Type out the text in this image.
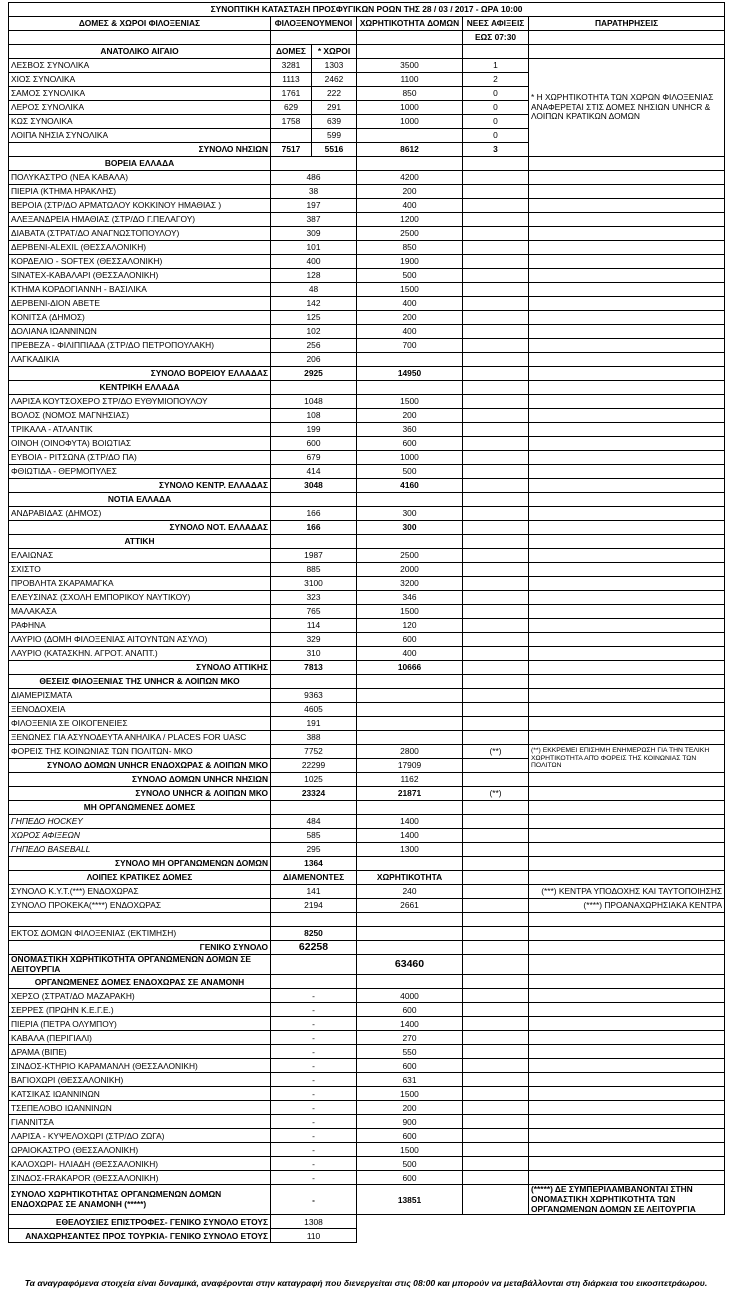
ΣΥΝΟΠΤΙΚΗ ΚΑΤΑΣΤΑΣΗ ΠΡΟΣΦΥΓΙΚΩΝ ΡΟΩΝ ΤΗΣ 28 / 03 / 2017 - ΩΡΑ 10:00					
ΔΟΜΕΣ & ΧΩΡΟΙ ΦΙΛΟΞΕΝΙΑΣ	ΦΙΛΟΞΕΝΟΥΜΕΝΟΙ		ΧΩΡΗΤΙΚΟΤΗΤΑ ΔΟΜΩΝ	ΝΕΕΣ ΑΦΙΞΕΙΣ	ΠΑΡΑΤΗΡΗΣΕΙΣ
				ΕΩΣ 07:30	
ΑΝΑΤΟΛΙΚΟ ΑΙΓΑΙΟ	ΔΟΜΕΣ	* ΧΩΡΟΙ			
ΛΕΣΒΟΣ ΣΥΝΟΛΙΚΑ	3281	1303	3500	1	* Η ΧΩΡΗΤΙΚΟΤΗΤΑ ΤΩΝ ΧΩΡΩΝ ΦΙΛΟΞΕΝΙΑΣ ΑΝΑΦΕΡΕΤΑΙ ΣΤΙΣ ΔΟΜΕΣ ΝΗΣΙΩΝ UNHCR & ΛΟΙΠΩΝ ΚΡΑΤΙΚΩΝ ΔΟΜΩΝ
ΧΙΟΣ ΣΥΝΟΛΙΚΑ	1113	2462	1100	2	
ΣΑΜΟΣ ΣΥΝΟΛΙΚΑ	1761	222	850	0	
ΛΕΡΟΣ ΣΥΝΟΛΙΚΑ	629	291	1000	0	
ΚΩΣ ΣΥΝΟΛΙΚΑ	1758	639	1000	0	
ΛΟΙΠΑ ΝΗΣΙΑ ΣΥΝΟΛΙΚΑ		599		0	
ΣΥΝΟΛΟ ΝΗΣΙΩΝ	7517	5516	8612	3	
ΒΟΡΕΙΑ ΕΛΛΑΔΑ					
ΠΟΛΥΚΑΣΤΡΟ (ΝΕΑ ΚΑΒΑΛΑ)	486		4200		
ΠΙΕΡΙΑ (ΚΤΗΜΑ ΗΡΑΚΛΗΣ)	38		200		
ΒΕΡΟΙΑ (ΣΤΡ/ΔΟ ΑΡΜΑΤΩΛΟΥ ΚΟΚΚΙΝΟΥ ΗΜΑΘΙΑΣ )	197		400		
ΑΛΕΞΑΝΔΡΕΙΑ ΗΜΑΘΙΑΣ (ΣΤΡ/ΔΟ Γ.ΠΕΛΑΓΟΥ)	387		1200		
ΔΙΑΒΑΤΑ (ΣΤΡΑΤ/ΔΟ ΑΝΑΓΝΩΣΤΟΠΟΥΛΟΥ)	309		2500		
ΔΕΡΒΕΝΙ-ALEXIL (ΘΕΣΣΑΛΟΝΙΚΗ)	101		850		
ΚΟΡΔΕΛΙΟ - SOFTEX (ΘΕΣΣΑΛΟΝΙΚΗ)	400		1900		
SINATEX-ΚΑΒΑΛΑΡΙ (ΘΕΣΣΑΛΟΝΙΚΗ)	128		500		
ΚΤΗΜΑ ΚΟΡΔΟΓΙΑΝΝΗ - ΒΑΣΙΛΙΚΑ	48		1500		
ΔΕΡΒΕΝΙ-ΔΙΟΝ ΑΒΕΤΕ	142		400		
ΚΟΝΙΤΣΑ (ΔΗΜΟΣ)	125		200		
ΔΟΛΙΑΝΑ ΙΩΑΝΝΙΝΩΝ	102		400		
ΠΡΕΒΕΖΑ - ΦΙΛΙΠΠΙΑΔΑ (ΣΤΡ/ΔΟ ΠΕΤΡΟΠΟΥΛΑΚΗ)	256		700		
ΛΑΓΚΑΔΙΚΙΑ	206				
ΣΥΝΟΛΟ ΒΟΡΕΙΟΥ ΕΛΛΑΔΑΣ	2925		14950		
ΚΕΝΤΡΙΚΗ ΕΛΛΑΔΑ					
ΛΑΡΙΣΑ ΚΟΥΤΣΟΧΕΡΟ ΣΤΡ/ΔΟ ΕΥΘΥΜΙΟΠΟΥΛΟΥ	1048		1500		
ΒΟΛΟΣ (ΝΟΜΟΣ ΜΑΓΝΗΣΙΑΣ)	108		200		
ΤΡΙΚΑΛΑ - ΑΤΛΑΝΤΙΚ	199		360		
ΟΙΝΟΗ (ΟΙΝΟΦΥΤΑ) ΒΟΙΩΤΙΑΣ	600		600		
ΕΥΒΟΙΑ - ΡΙΤΣΩΝΑ (ΣΤΡ/ΔΟ ΠΑ)	679		1000		
ΦΘΙΩΤΙΔΑ - ΘΕΡΜΟΠΥΛΕΣ	414		500		
ΣΥΝΟΛΟ ΚΕΝΤΡ. ΕΛΛΑΔΑΣ	3048		4160		
ΝΟΤΙΑ ΕΛΛΑΔΑ					
ΑΝΔΡΑΒΙΔΑΣ (ΔΗΜΟΣ)	166		300		
ΣΥΝΟΛΟ ΝΟΤ. ΕΛΛΑΔΑΣ	166		300		
ΑΤΤΙΚΗ					
ΕΛΑΙΩΝΑΣ	1987		2500		
ΣΧΙΣΤΟ	885		2000		
ΠΡΟΒΛΗΤΑ ΣΚΑΡΑΜΑΓΚΑ	3100		3200		
ΕΛΕΥΣΙΝΑΣ (ΣΧΟΛΗ ΕΜΠΟΡΙΚΟΥ ΝΑΥΤΙΚΟΥ)	323		346		
ΜΑΛΑΚΑΣΑ	765		1500		
ΡΑΦΗΝΑ	114		120		
ΛΑΥΡΙΟ (ΔΟΜΗ ΦΙΛΟΞΕΝΙΑΣ ΑΙΤΟΥΝΤΩΝ ΑΣΥΛΟ)	329		600		
ΛΑΥΡΙΟ (ΚΑΤΑΣΚΗΝ. ΑΓΡΟΤ. ΑΝΑΠΤ.)	310		400		
ΣΥΝΟΛΟ ΑΤΤΙΚΗΣ	7813		10666		
ΘΕΣΕΙΣ ΦΙΛΟΞΕΝΙΑΣ ΤΗΣ UNHCR & ΛΟΙΠΩΝ ΜΚΟ					
ΔΙΑΜΕΡΙΣΜΑΤΑ	9363				
ΞΕΝΟΔΟΧΕΙΑ	4605				
ΦΙΛΟΞΕΝΙΑ ΣΕ ΟΙΚΟΓΕΝΕΙΕΣ	191				
ΞΕΝΩΝΕΣ ΓΙΑ ΑΣΥΝΟΔΕΥΤΑ ΑΝΗΛΙΚΑ / PLACES FOR UASC	388				
ΦΟΡΕΙΣ ΤΗΣ ΚΟΙΝΩΝΙΑΣ ΤΩΝ ΠΟΛΙΤΩΝ- ΜΚΟ	7752		2800	(**)	(**) ΕΚΚΡΕΜΕΙ ΕΠΙΣΗΜΗ ΕΝΗΜΕΡΩΣΗ ΓΙΑ ΤΗΝ ΤΕΛΙΚΗ ΧΩΡΗΤΙΚΟΤΗΤΑ ΑΠΌ ΦΟΡΕΙΣ ΤΗΣ ΚΟΙΝΩΝΙΑΣ ΤΩΝ ΠΟΛΙΤΩΝ
ΣΥΝΟΛΟ ΔΟΜΩΝ UNHCR ΕΝΔΟΧΩΡΑΣ & ΛΟΙΠΩΝ ΜΚΟ	22299		17909		
ΣΥΝΟΛΟ ΔΟΜΩΝ UNHCR ΝΗΣΙΩΝ	1025		1162		
ΣΥΝΟΛΟ UNHCR & ΛΟΙΠΩΝ ΜΚΟ	23324		21871	(**)	
ΜΗ ΟΡΓΑΝΩΜΕΝΕΣ ΔΟΜΕΣ					
ΓΗΠΕΔΟ HOCKEY	484		1400		
ΧΩΡΟΣ ΑΦΙΞΕΩΝ	585		1400		
ΓΗΠΕΔΟ BASEBALL	295		1300		
ΣΥΝΟΛΟ ΜΗ ΟΡΓΑΝΩΜΕΝΩΝ ΔΟΜΩΝ	1364				
ΛΟΙΠΕΣ ΚΡΑΤΙΚΕΣ ΔΟΜΕΣ	ΔΙΑΜΕΝΟΝΤΕΣ		ΧΩΡΗΤΙΚΟΤΗΤΑ		
ΣΥΝΟΛΟ Κ.Υ.Τ.(***) ΕΝΔΟΧΩΡΑΣ	141		240		(***) ΚΕΝΤΡΑ ΥΠΟΔΟΧΗΣ ΚΑΙ ΤΑΥΤΟΠΟΙΗΣΗΣ
ΣΥΝΟΛΟ ΠΡΟΚΕΚΑ(****) ΕΝΔΟΧΩΡΑΣ	2194		2661		(****) ΠΡΟΑΝΑΧΩΡΗΣΙΑΚΑ ΚΕΝΤΡΑ

ΕΚΤΟΣ ΔΟΜΩΝ ΦΙΛΟΞΕΝΙΑΣ (ΕΚΤΙΜΗΣΗ)	8250				
ΓΕΝΙΚΟ ΣΥΝΟΛΟ	62258				
ΟΝΟΜΑΣΤΙΚΗ ΧΩΡΗΤΙΚΟΤΗΤΑ ΟΡΓΑΝΩΜΕΝΩΝ ΔΟΜΩΝ ΣΕ ΛΕΙΤΟΥΡΓΙΑ			63460		
ΟΡΓΑΝΩΜΕΝΕΣ ΔΟΜΕΣ ΕΝΔΟΧΩΡΑΣ ΣΕ ΑΝΑΜΟΝΗ					
ΧΕΡΣΟ (ΣΤΡΑΤ/ΔΟ ΜΑΖΑΡΑΚΗ)	-		4000		
ΣΕΡΡΕΣ (ΠΡΩΗΝ Κ.Ε.Γ.Ε.)	-		600		
ΠΙΕΡΙΑ (ΠΕΤΡΑ ΟΛΥΜΠΟΥ)	-		1400		
ΚΑΒΑΛΑ (ΠΕΡΙΓΙΑΛΙ)	-		270		
ΔΡΑΜΑ (ΒΙΠΕ)	-		550		
ΣΙΝΔΟΣ-ΚΤΗΡΙΟ ΚΑΡΑΜΑΝΛΗ (ΘΕΣΣΑΛΟΝΙΚΗ)	-		600		
ΒΑΓΙΟΧΩΡΙ (ΘΕΣΣΑΛΟΝΙΚΗ)	-		631		
ΚΑΤΣΙΚΑΣ ΙΩΑΝΝΙΝΩΝ	-		1500		
ΤΣΕΠΕΛΟΒΟ ΙΩΑΝΝΙΝΩΝ	-		200		
ΓΙΑΝΝΙΤΣΑ	-		900		
ΛΑΡΙΣΑ - ΚΥΨΕΛΟΧΩΡΙ (ΣΤΡ/ΔΟ ΖΩΓΑ)	-		600		
ΩΡΑΙΟΚΑΣΤΡΟ (ΘΕΣΣΑΛΟΝΙΚΗ)	-		1500		
ΚΑΛΟΧΩΡΙ- ΗΛΙΑΔΗ (ΘΕΣΣΑΛΟΝΙΚΗ)	-		500		
ΣΙΝΔΟΣ-FRAKAPOR (ΘΕΣΣΑΛΟΝΙΚΗ)	-		600		
ΣΥΝΟΛΟ ΧΩΡΗΤΙΚΟΤΗΤΑΣ ΟΡΓΑΝΩΜΕΝΩΝ ΔΟΜΩΝ ΕΝΔΟΧΩΡΑΣ ΣΕ ΑΝΑΜΟΝΗ (*****)	-		13851		(*****) ΔΕ ΣΥΜΠΕΡΙΛΑΜΒΑΝΟΝΤΑΙ ΣΤΗΝ ΟΝΟΜΑΣΤΙΚΗ ΧΩΡΗΤΙΚΟΤΗΤΑ ΤΩΝ ΟΡΓΑΝΩΜΕΝΩΝ ΔΟΜΩΝ ΣΕ ΛΕΙΤΟΥΡΓΙΑ
ΕΘΕΛΟΥΣΙΕΣ ΕΠΙΣΤΡΟΦΕΣ- ΓΕΝΙΚΟ ΣΥΝΟΛΟ ΕΤΟΥΣ	1308				
ΑΝΑΧΩΡΗΣΑΝΤΕΣ ΠΡΟΣ ΤΟΥΡΚΙΑ- ΓΕΝΙΚΟ ΣΥΝΟΛΟ ΕΤΟΥΣ	110				
Τα αναγραφόμενα στοιχεία είναι δυναμικά, αναφέρονται στην καταγραφή που διενεργείται στις 08:00 και μπορούν να μεταβάλλονται στη διάρκεια του εικοσιτετράωρου.
